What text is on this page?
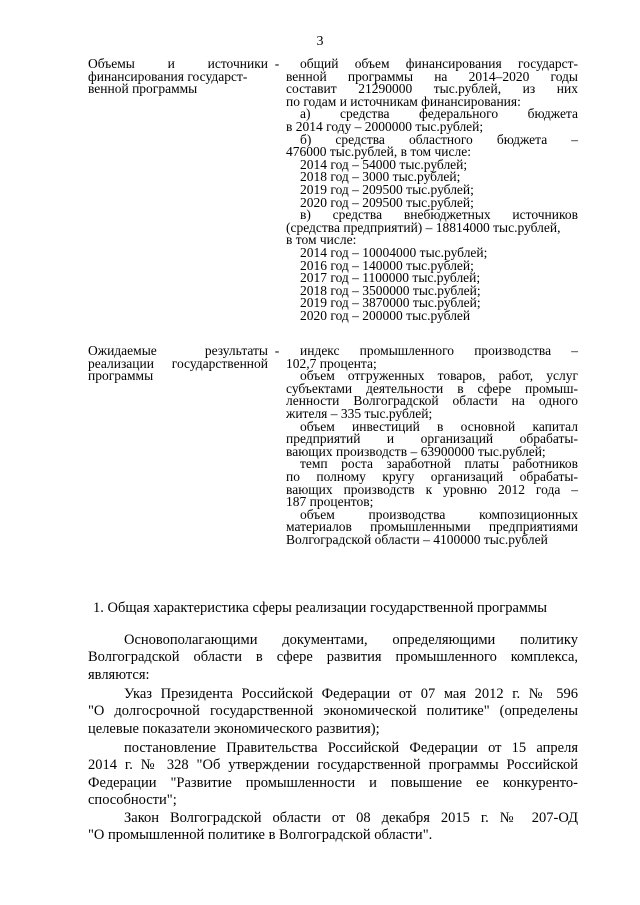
3
Объемы и источники
финансирования государст-
венной программы
-	общий объем финансирования государст-
венной программы на 2014–2020 годы
составит 21290000 тыс.рублей, из них
по годам и источникам финансирования:
а) средства федерального бюджета
в 2014 году – 2000000 тыс.рублей;
б) средства областного бюджета –
476000 тыс.рублей, в том числе:
2014 год – 54000 тыс.рублей;
2018 год – 3000 тыс.рублей;
2019 год – 209500 тыс.рублей;
2020 год – 209500 тыс.рублей;
в) средства внебюджетных источников
(средства предприятий) – 18814000 тыс.рублей,
в том числе:
2014 год – 10004000 тыс.рублей;
2016 год – 140000 тыс.рублей;
2017 год – 1100000 тыс.рублей;
2018 год – 3500000 тыс.рублей;
2019 год – 3870000 тыс.рублей;
2020 год – 200000 тыс.рублей
Ожидаемые результаты
реализации государственной
программы
-	индекс промышленного производства –
102,7 процента;
объем отгруженных товаров, работ, услуг
субъектами деятельности в сфере промыш-
ленности Волгоградской области на одного
жителя – 335 тыс.рублей;
объем инвестиций в основной капитал
предприятий и организаций обрабаты-
вающих производств – 63900000 тыс.рублей;
темп роста заработной платы работников
по полному кругу организаций обрабаты-
вающих производств к уровню 2012 года –
187 процентов;
объем производства композиционных
материалов промышленными предприятиями
Волгоградской области – 4100000 тыс.рублей
1. Общая характеристика сферы реализации государственной программы
Основополагающими документами, определяющими политику
Волгоградской области в сфере развития промышленного комплекса,
являются:
Указ Президента Российской Федерации от 07 мая 2012 г. № 596
"О долгосрочной государственной экономической политике" (определены
целевые показатели экономического развития);
постановление Правительства Российской Федерации от 15 апреля
2014 г. № 328 "Об утверждении государственной программы Российской
Федерации "Развитие промышленности и повышение ее конкуренто-
способности";
Закон Волгоградской области от 08 декабря 2015 г. № 207-ОД
"О промышленной политике в Волгоградской области".
